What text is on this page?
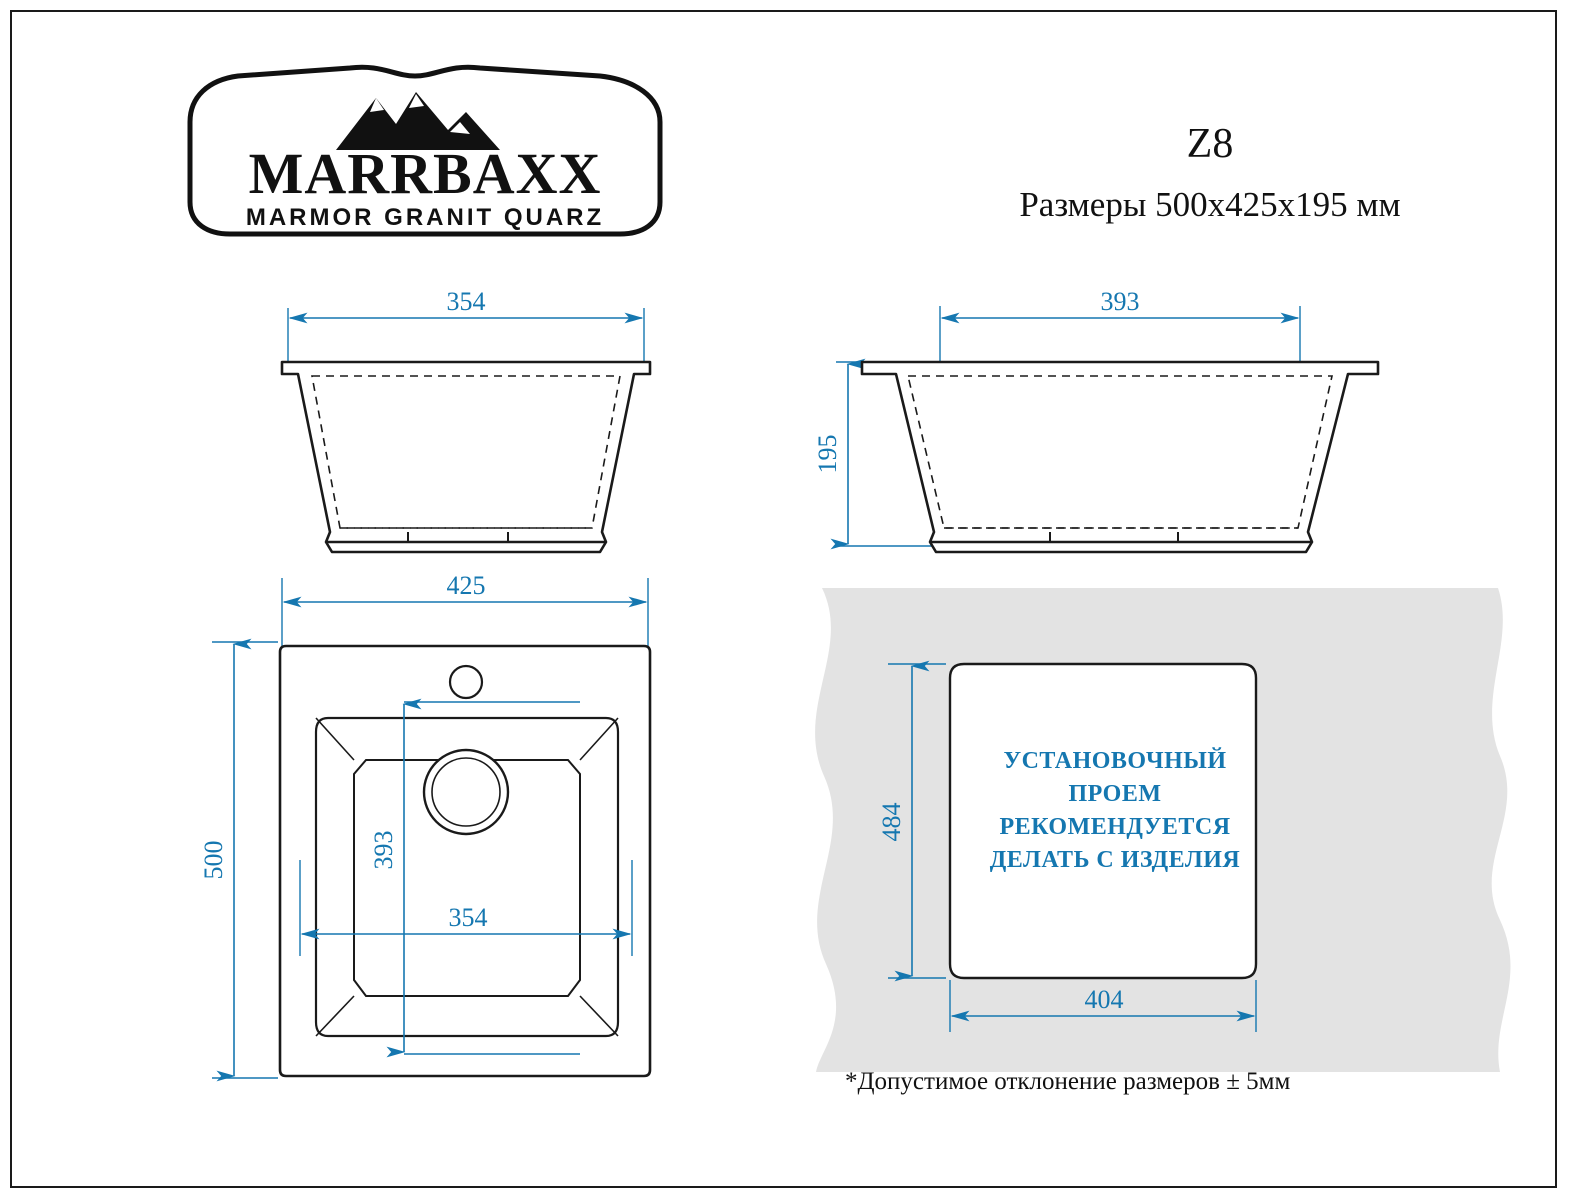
MARRBAXX
MARMOR GRANIT QUARZ
Z8
Размеры 500x425x195 мм
354	393
195
425
500	393
354
484
404
УСТАНОВОЧНЫЙ
ПРОЕМ
РЕКОМЕНДУЕТСЯ
ДЕЛАТЬ С ИЗДЕЛИЯ
*Допустимое отклонение размеров ± 5мм
